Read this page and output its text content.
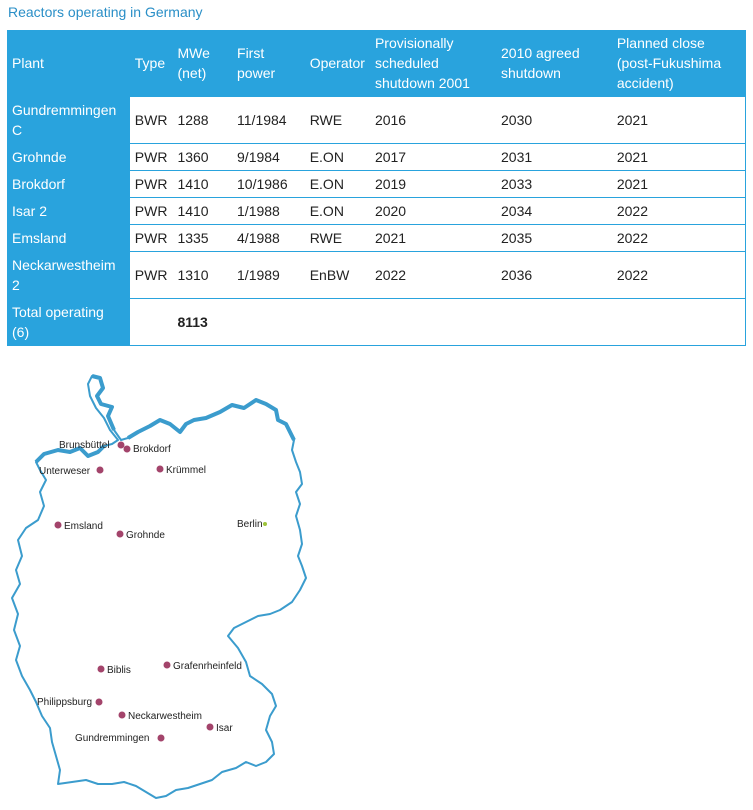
Reactors operating in Germany
Plant	Type	MWe (net)	First power	Operator	Provisionally scheduled shutdown 2001	2010 agreed shutdown	Planned close (post-Fukushima accident)
Gundremmingen C	BWR	1288	11/1984	RWE	2016	2030	2021
Grohnde	PWR	1360	9/1984	E.ON	2017	2031	2021
Brokdorf	PWR	1410	10/1986	E.ON	2019	2033	2021
Isar 2	PWR	1410	1/1988	E.ON	2020	2034	2022
Emsland	PWR	1335	4/1988	RWE	2021	2035	2022
Neckarwestheim 2	PWR	1310	1/1989	EnBW	2022	2036	2022
Total operating (6)		8113					
Brunsbüttel Brokdorf
Unterweser	Krümmel
Emsland
Grohnde
Berlin
Biblis	Grafenrheinfeld
Philippsburg
Neckarwestheim
Isar
Gundremmingen
